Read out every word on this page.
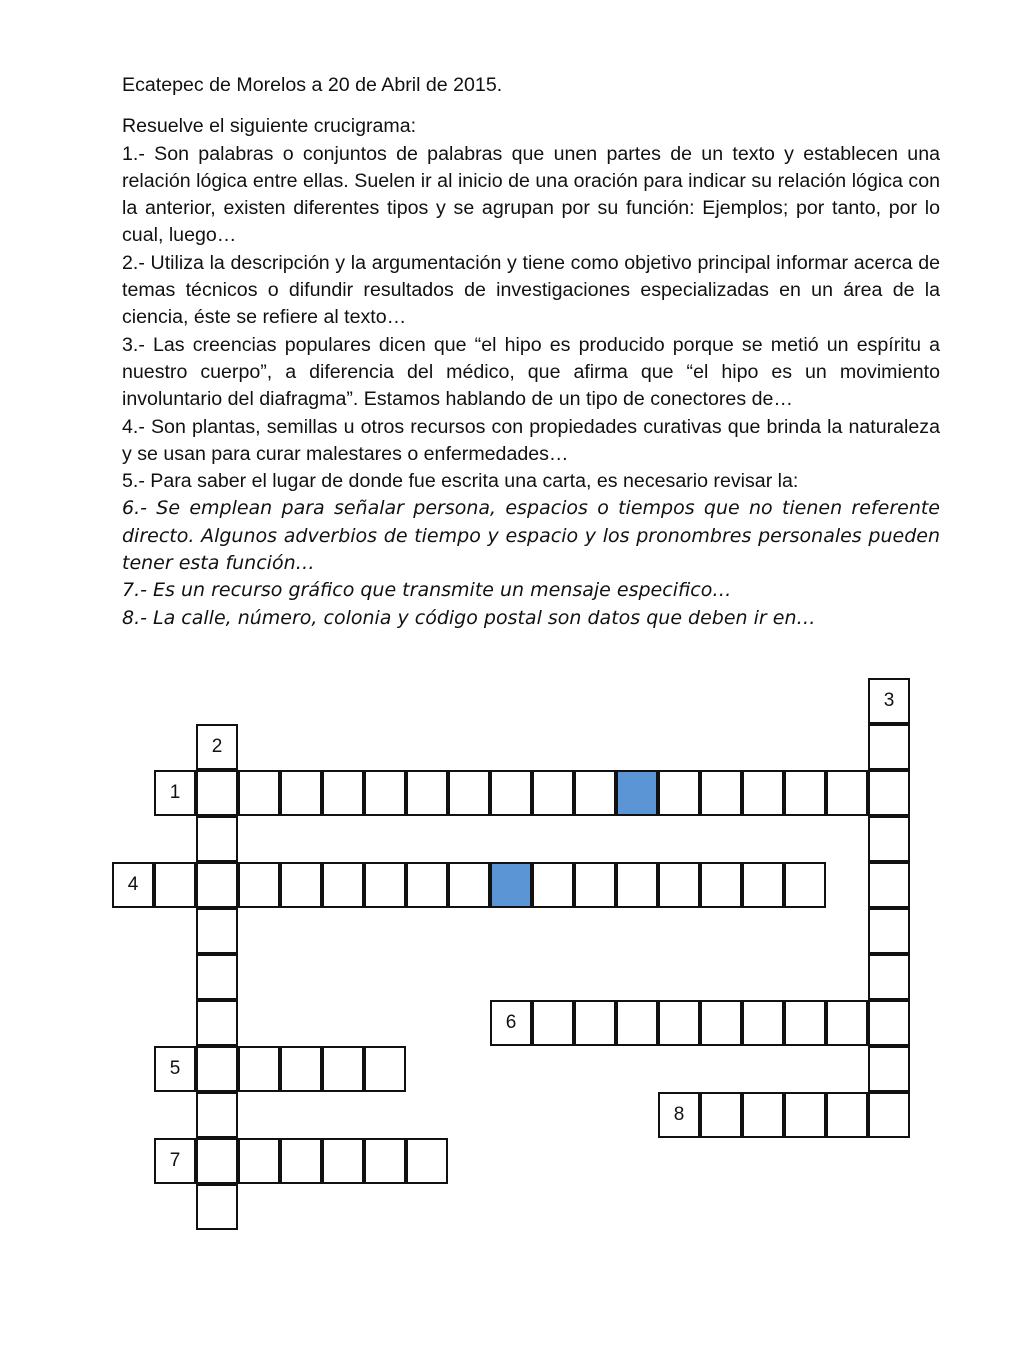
Ecatepec de Morelos a 20 de Abril de 2015.

Resuelve el siguiente crucigrama:

1.- Son palabras o conjuntos de palabras que unen partes de un texto y establecen una relación lógica entre ellas. Suelen ir al inicio de una oración para indicar su relación lógica con la anterior, existen diferentes tipos y se agrupan por su función: Ejemplos; por tanto, por lo cual, luego…

2.- Utiliza la descripción y la argumentación y tiene como objetivo principal informar acerca de temas técnicos o difundir resultados de investigaciones especializadas en un área de la ciencia, éste se refiere al texto…

3.- Las creencias populares dicen que “el hipo es producido porque se metió un espíritu a nuestro cuerpo”, a diferencia del médico, que afirma que “el hipo es un movimiento involuntario del diafragma”. Estamos hablando de un tipo de conectores de…

4.- Son plantas, semillas u otros recursos con propiedades curativas que brinda la naturaleza y se usan para curar malestares o enfermedades…

5.- Para saber el lugar de donde fue escrita una carta, es necesario revisar la:

6.- Se emplean para señalar persona, espacios o tiempos que no tienen referente directo. Algunos adverbios de tiempo y espacio y los pronombres personales pueden tener esta función…

7.- Es un recurso gráfico que transmite un mensaje especifico…

8.- La calle, número, colonia y código postal son datos que deben ir en…

1
2
3
4
5
6
7
8
